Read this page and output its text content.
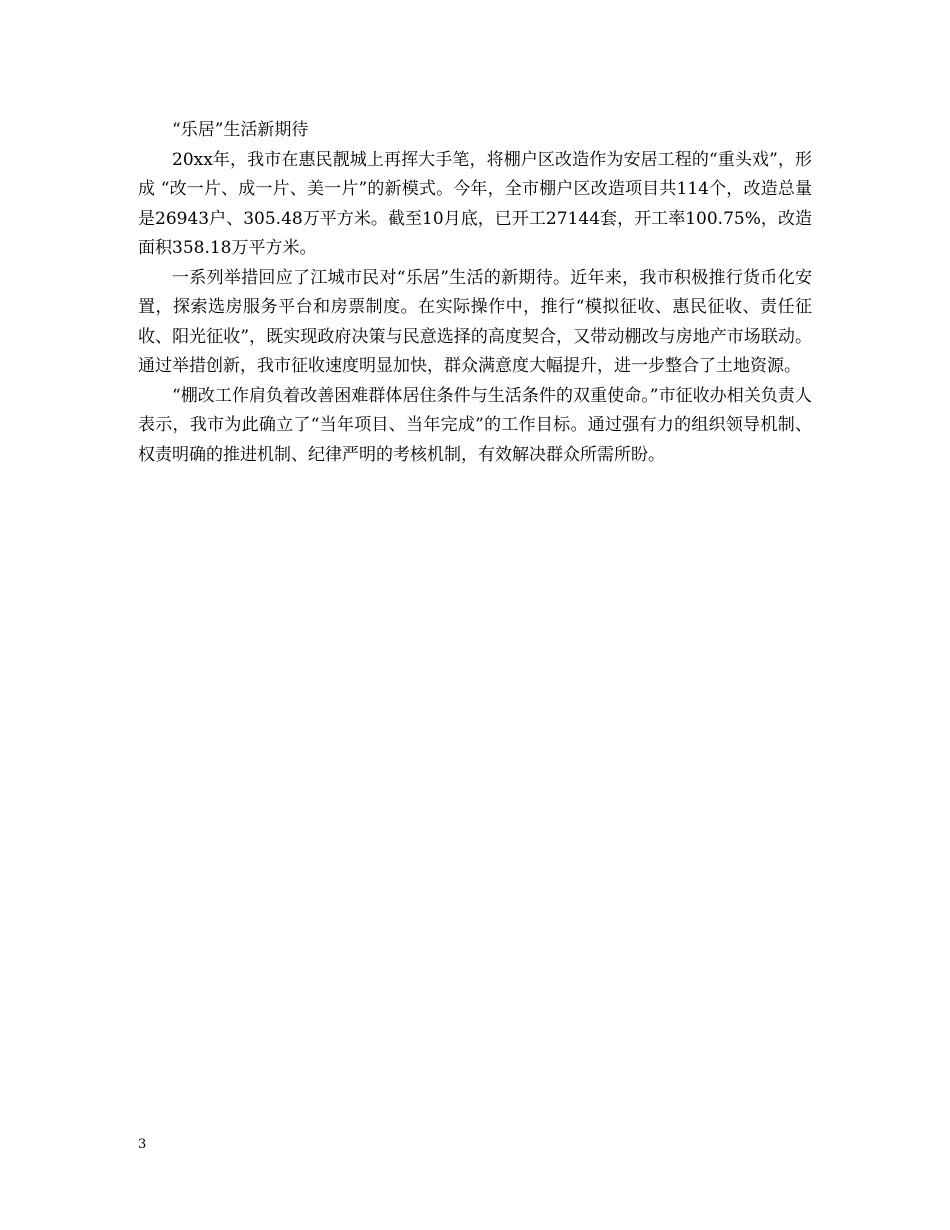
“乐居”生活新期待

20xx年，我市在惠民靓城上再挥大手笔，将棚户区改造作为安居工程的“重头戏”，形成 “改一片、成一片、美一片”的新模式。今年，全市棚户区改造项目共114个，改造总量是26943户、305.48万平方米。截至10月底，已开工27144套，开工率100.75%，改造面积358.18万平方米。

一系列举措回应了江城市民对“乐居”生活的新期待。近年来，我市积极推行货币化安置，探索选房服务平台和房票制度。在实际操作中，推行“模拟征收、惠民征收、责任征收、阳光征收”，既实现政府决策与民意选择的高度契合，又带动棚改与房地产市场联动。通过举措创新，我市征收速度明显加快，群众满意度大幅提升，进一步整合了土地资源。

“棚改工作肩负着改善困难群体居住条件与生活条件的双重使命。”市征收办相关负责人表示，我市为此确立了“当年项目、当年完成”的工作目标。通过强有力的组织领导机制、权责明确的推进机制、纪律严明的考核机制，有效解决群众所需所盼。

3
